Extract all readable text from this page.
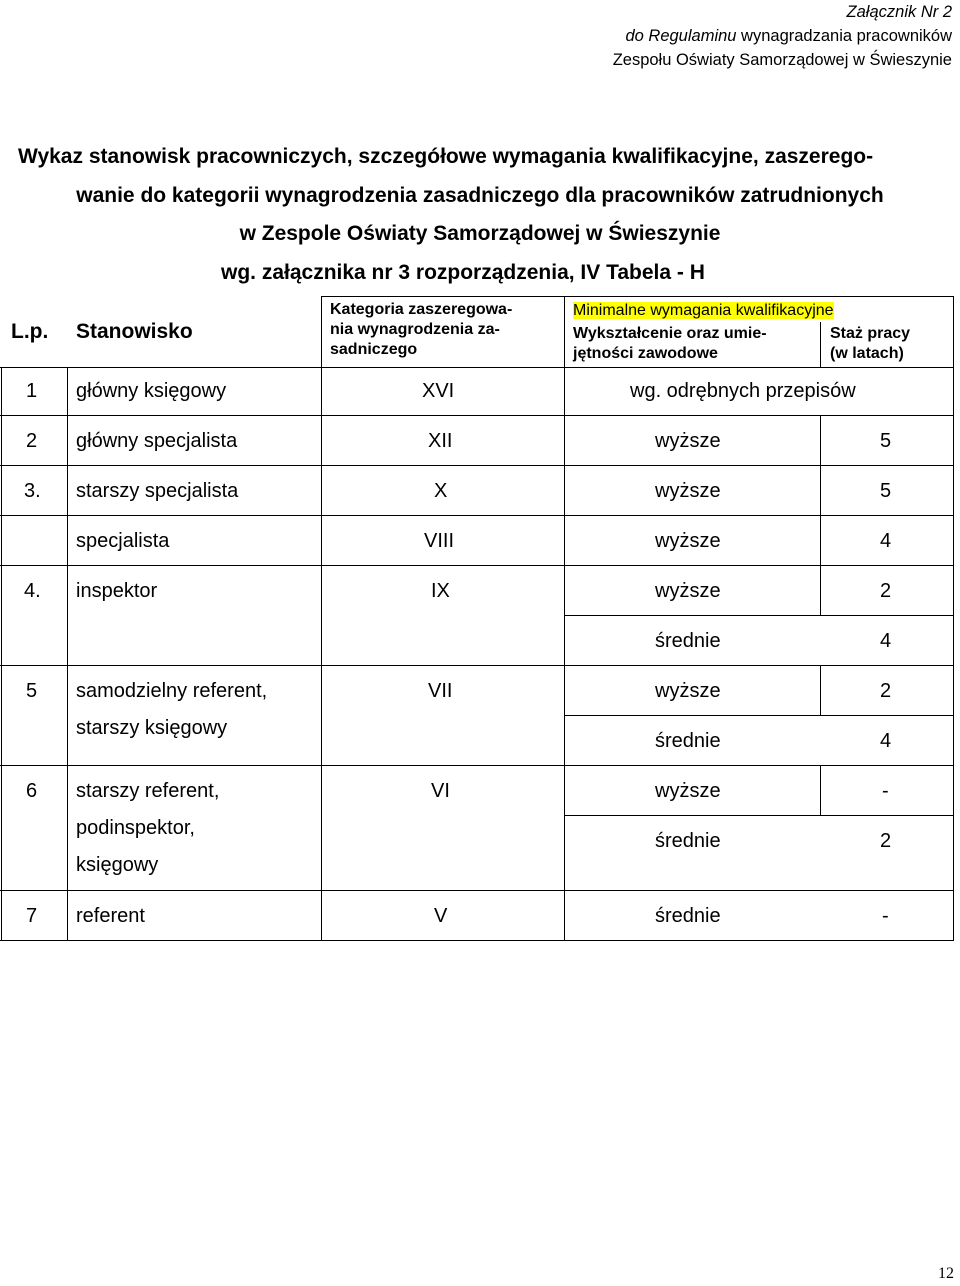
Załącznik Nr 2
do Regulaminu wynagradzania pracowników
Zespołu Oświaty Samorządowej w Świeszynie
Wykaz stanowisk pracowniczych, szczegółowe wymagania kwalifikacyjne, zaszerego-
wanie do kategorii wynagrodzenia zasadniczego dla pracowników zatrudnionych
w Zespole Oświaty Samorządowej w Świeszynie
wg. załącznika nr 3 rozporządzenia, IV Tabela - H
L.p. Stanowisko
Kategoria zaszeregowa-
nia wynagrodzenia za-
sadniczego
Minimalne wymagania kwalifikacyjne
Wykształcenie oraz umie-
jętności zawodowe
Staż pracy
(w latach)
1 główny księgowy	XVI	wg. odrębnych przepisów
2 główny specjalista	XII	wyższe	5
3. starszy specjalista	X	wyższe	5
specjalista	VIII	wyższe	4
4. inspektor	IX	wyższe	2
średnie	4
5 samodzielny referent,
starszy księgowy
VII	wyższe	2
średnie	4
6 starszy referent,
podinspektor,
księgowy
VI	wyższe	-
średnie	2
7 referent	V	średnie	-
12
